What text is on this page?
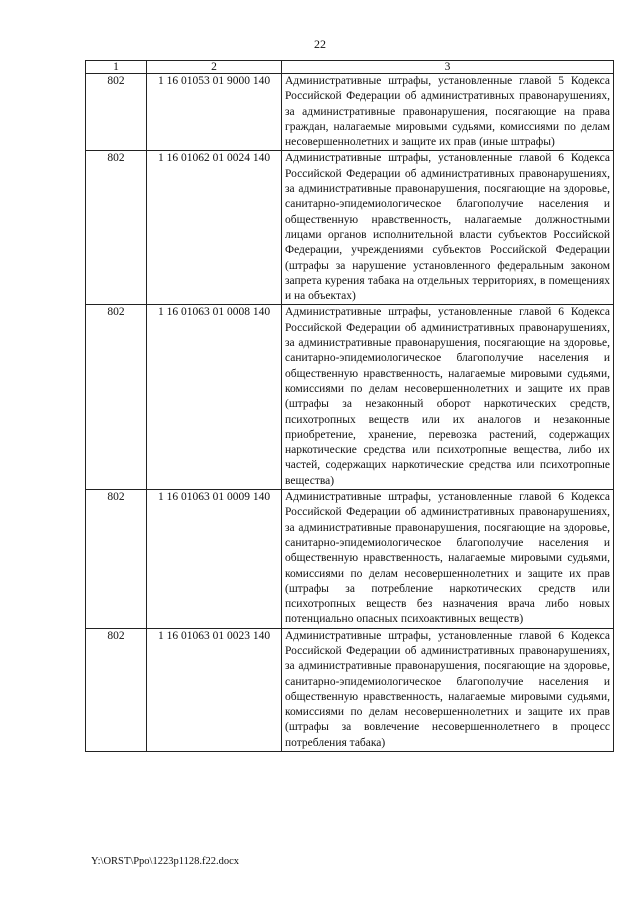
22
1	2	3
802	1 16 01053 01 9000 140	Административные штрафы, установленные главой 5 Кодекса Российской Федерации об административных правонарушениях, за административные правонарушения, посягающие на права граждан, налагаемые мировыми судьями, комиссиями по делам несовершеннолетних и защите их прав (иные штрафы)
802	1 16 01062 01 0024 140	Административные штрафы, установленные главой 6 Кодекса Российской Федерации об административных правонарушениях, за административные правонарушения, посягающие на здоровье, санитарно-эпидемиологическое благополучие населения и общественную нравственность, налагаемые должностными лицами органов исполнительной власти субъектов Российской Федерации, учреждениями субъектов Российской Федерации (штрафы за нарушение установленного федеральным законом запрета курения табака на отдельных территориях, в помещениях и на объектах)
802	1 16 01063 01 0008 140	Административные штрафы, установленные главой 6 Кодекса Российской Федерации об административных правонарушениях, за административные правонарушения, посягающие на здоровье, санитарно-эпидемиологическое благополучие населения и общественную нравственность, налагаемые мировыми судьями, комиссиями по делам несовершеннолетних и защите их прав (штрафы за незаконный оборот наркотических средств, психотропных веществ или их аналогов и незаконные приобретение, хранение, перевозка растений, содержащих наркотические средства или психотропные вещества, либо их частей, содержащих наркотические средства или психотропные вещества)
802	1 16 01063 01 0009 140	Административные штрафы, установленные главой 6 Кодекса Российской Федерации об административных правонарушениях, за административные правонарушения, посягающие на здоровье, санитарно-эпидемиологическое благополучие населения и общественную нравственность, налагаемые мировыми судьями, комиссиями по делам несовершеннолетних и защите их прав (штрафы за потребление наркотических средств или психотропных веществ без назначения врача либо новых потенциально опасных психоактивных веществ)
802	1 16 01063 01 0023 140	Административные штрафы, установленные главой 6 Кодекса Российской Федерации об административных правонарушениях, за административные правонарушения, посягающие на здоровье, санитарно-эпидемиологическое благополучие населения и общественную нравственность, налагаемые мировыми судьями, комиссиями по делам несовершеннолетних и защите их прав (штрафы за вовлечение несовершеннолетнего в процесс потребления табака)
Y:\ORST\Ppo\1223p1128.f22.docx
